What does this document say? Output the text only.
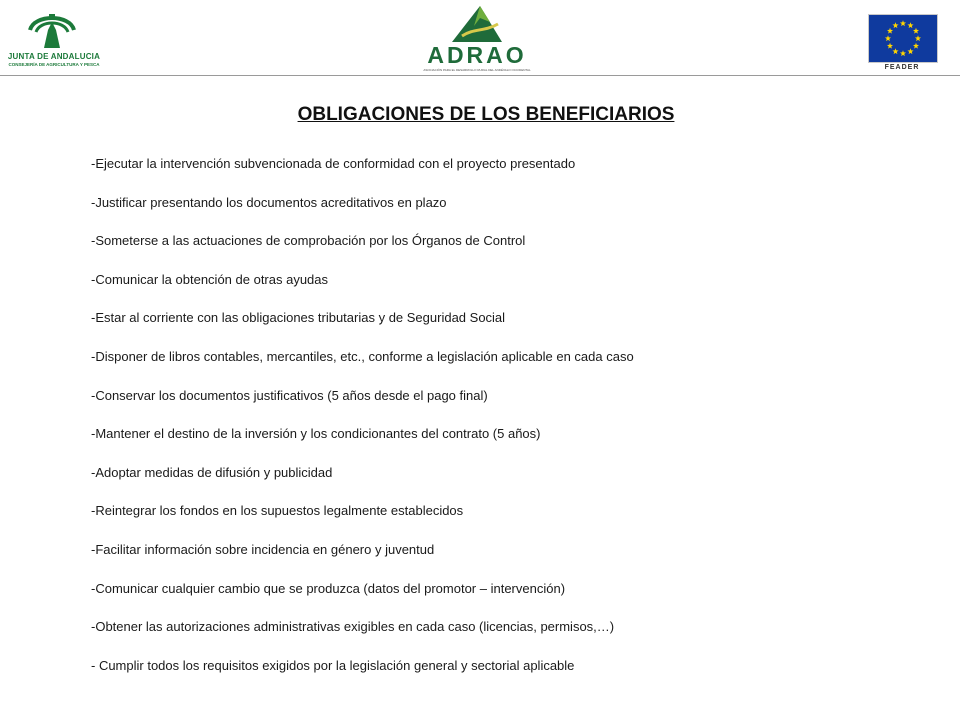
JUNTA DE ANDALUCIA
CONSEJERÍA DE AGRICULTURA Y PESCA	ADRAO
ASOCIACIÓN PARA EL DESARROLLO RURAL DEL ANDÉVALO OCCIDENTAL	FEADER
OBLIGACIONES DE LOS BENEFICIARIOS
-Ejecutar la intervención subvencionada de conformidad con el proyecto presentado
-Justificar presentando los documentos acreditativos en plazo
-Someterse a las actuaciones de comprobación por los Órganos de Control
-Comunicar la obtención de otras ayudas
-Estar al corriente con las obligaciones tributarias y de Seguridad Social
-Disponer de libros contables, mercantiles, etc., conforme a legislación aplicable en cada caso
-Conservar los documentos justificativos (5 años desde el pago final)
-Mantener el destino de la inversión y los condicionantes del contrato (5 años)
-Adoptar medidas de difusión y publicidad
-Reintegrar los fondos en los supuestos legalmente establecidos
-Facilitar información sobre incidencia en género y juventud
-Comunicar cualquier cambio que se produzca (datos del promotor – intervención)
-Obtener las autorizaciones administrativas exigibles en cada caso (licencias, permisos,…)
- Cumplir todos los requisitos exigidos por la legislación general y sectorial aplicable
